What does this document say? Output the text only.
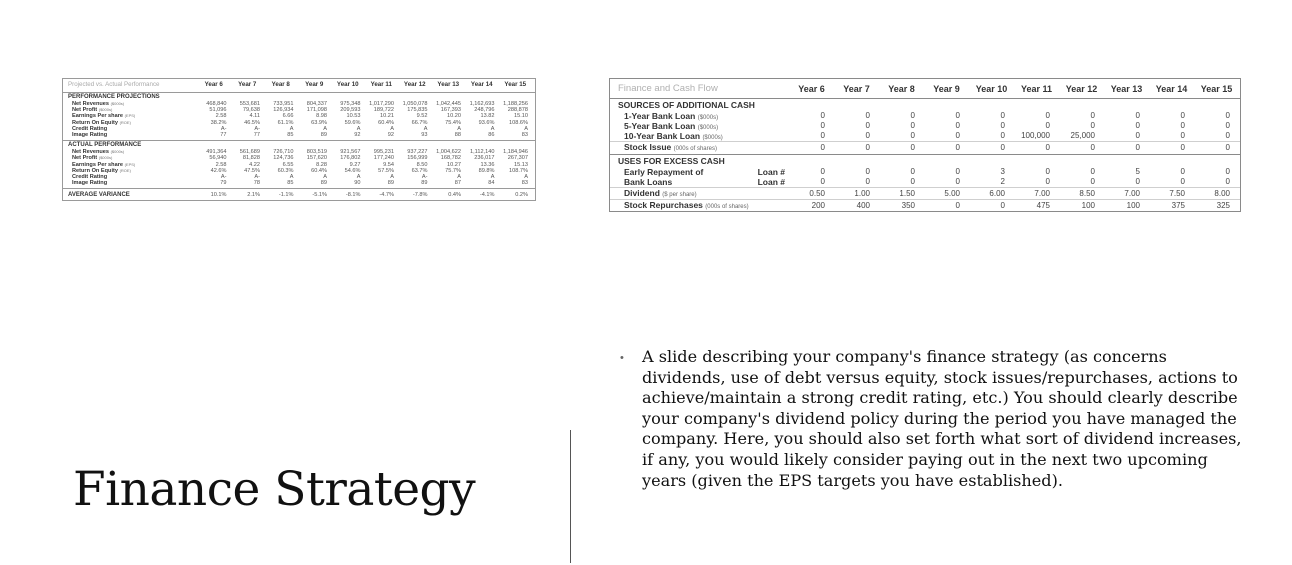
Projected vs. Actual Performance	Year 6	Year 7	Year 8	Year 9	Year 10	Year 11	Year 12	Year 13	Year 14	Year 15
PERFORMANCE PROJECTIONS
Net Revenues ($000s)	468,840	553,681	733,951	804,337	975,348	1,017,290	1,050,078	1,042,445	1,162,693	1,188,256
Net Profit ($000s)	51,096	79,638	126,934	171,098	209,593	189,722	175,835	167,393	248,796	288,878
Earnings Per share (EPS)	2.58	4.11	6.66	8.98	10.53	10.21	9.52	10.20	13.82	15.10
Return On Equity (ROE)	38.2%	46.5%	61.1%	63.9%	59.6%	60.4%	66.7%	75.4%	93.6%	108.6%
Credit Rating	A-	A-	A	A	A	A	A	A	A	A
Image Rating	77	77	85	89	92	92	93	88	86	83
ACTUAL PERFORMANCE
Net Revenues ($000s)	491,364	561,689	726,710	803,519	921,567	995,231	937,227	1,004,622	1,112,140	1,184,946
Net Profit ($000s)	56,940	81,828	124,736	157,620	176,802	177,240	156,999	168,782	236,017	267,307
Earnings Per share (EPS)	2.58	4.22	6.55	8.28	9.27	9.54	8.50	10.27	13.36	15.13
Return On Equity (ROE)	42.6%	47.5%	60.3%	60.4%	54.6%	57.5%	63.7%	75.7%	89.8%	108.7%
Credit Rating	A-	A-	A	A	A	A	A-	A	A	A
Image Rating	79	78	85	89	90	89	89	87	84	83
AVERAGE VARIANCE	10.1%	2.1%	-1.1%	-5.1%	-8.1%	-4.7%	-7.8%	0.4%	-4.1%	0.2%
Finance and Cash Flow	Year 6	Year 7	Year 8	Year 9	Year 10	Year 11	Year 12	Year 13	Year 14	Year 15
SOURCES OF ADDITIONAL CASH
1-Year Bank Loan ($000s)	0	0	0	0	0	0	0	0	0	0
5-Year Bank Loan ($000s)	0	0	0	0	0	0	0	0	0	0
10-Year Bank Loan ($000s)	0	0	0	0	0	100,000	25,000	0	0	0
Stock Issue (000s of shares)	0	0	0	0	0	0	0	0	0	0
USES FOR EXCESS CASH
Early Repayment of	Loan #	0	0	0	0	3	0	0	5	0	0
Bank Loans	Loan #	0	0	0	0	2	0	0	0	0	0
Dividend ($ per share)	0.50	1.00	1.50	5.00	6.00	7.00	8.50	7.00	7.50	8.00
Stock Repurchases (000s of shares)	200	400	350	0	0	475	100	100	375	325
Finance Strategy
• A slide describing your company's finance strategy (as concerns dividends, use of debt versus equity, stock issues/repurchases, actions to achieve/maintain a strong credit rating, etc.) You should clearly describe your company's dividend policy during the period you have managed the company. Here, you should also set forth what sort of dividend increases, if any, you would likely consider paying out in the next two upcoming years (given the EPS targets you have established).
